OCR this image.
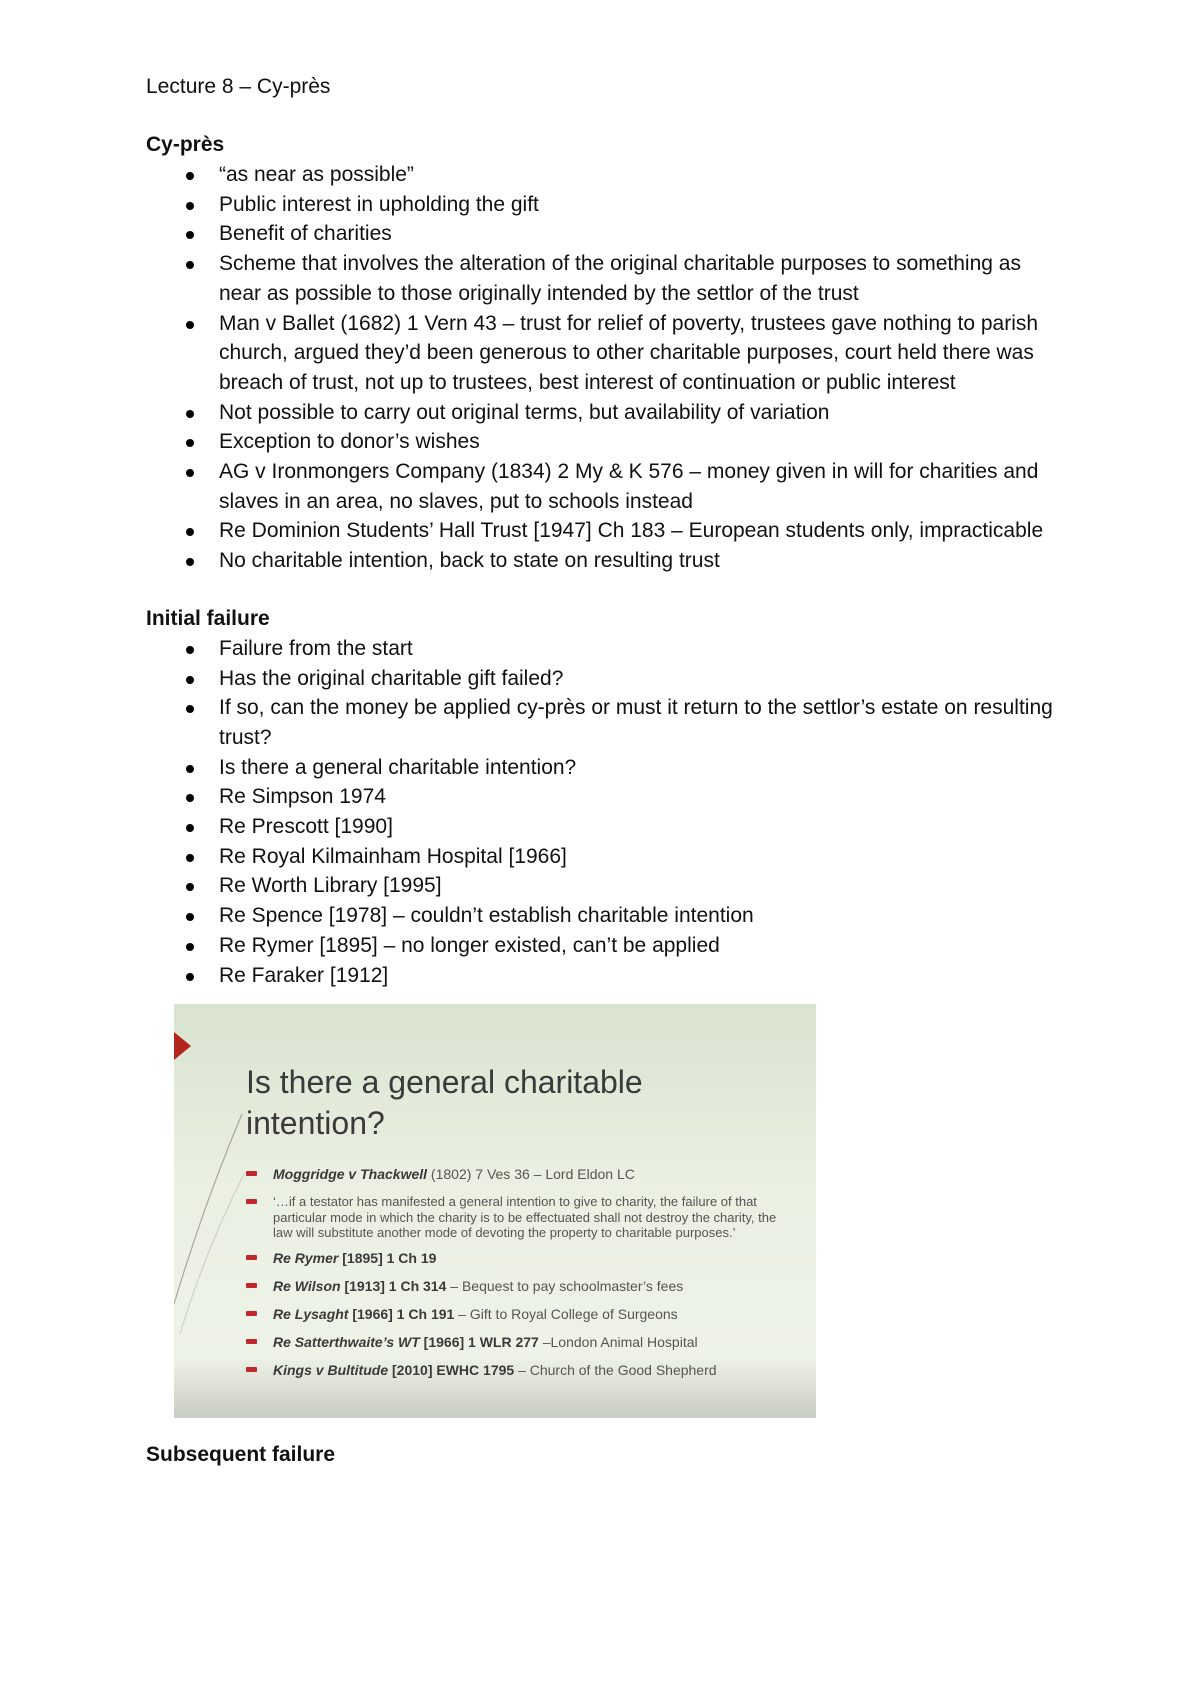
Lecture 8 – Cy-près
Cy-près
“as near as possible”
Public interest in upholding the gift
Benefit of charities
Scheme that involves the alteration of the original charitable purposes to something as near as possible to those originally intended by the settlor of the trust
Man v Ballet (1682) 1 Vern 43 – trust for relief of poverty, trustees gave nothing to parish church, argued they’d been generous to other charitable purposes, court held there was breach of trust, not up to trustees, best interest of continuation or public interest
Not possible to carry out original terms, but availability of variation
Exception to donor’s wishes
AG v Ironmongers Company (1834) 2 My & K 576 – money given in will for charities and slaves in an area, no slaves, put to schools instead
Re Dominion Students’ Hall Trust [1947] Ch 183 – European students only, impracticable
No charitable intention, back to state on resulting trust
Initial failure
Failure from the start
Has the original charitable gift failed?
If so, can the money be applied cy-près or must it return to the settlor’s estate on resulting trust?
Is there a general charitable intention?
Re Simpson 1974
Re Prescott [1990]
Re Royal Kilmainham Hospital [1966]
Re Worth Library [1995]
Re Spence [1978] – couldn’t establish charitable intention
Re Rymer [1895] – no longer existed, can’t be applied
Re Faraker [1912]
Is there a general charitable intention?
Moggridge v Thackwell (1802) 7 Ves 36 – Lord Eldon LC
‘…if a testator has manifested a general intention to give to charity, the failure of that particular mode in which the charity is to be effectuated shall not destroy the charity, the law will substitute another mode of devoting the property to charitable purposes.’
Re Rymer [1895] 1 Ch 19
Re Wilson [1913] 1 Ch 314 – Bequest to pay schoolmaster’s fees
Re Lysaght [1966] 1 Ch 191 – Gift to Royal College of Surgeons
Re Satterthwaite’s WT [1966] 1 WLR 277 –London Animal Hospital
Kings v Bultitude [2010] EWHC 1795 – Church of the Good Shepherd
Subsequent failure
